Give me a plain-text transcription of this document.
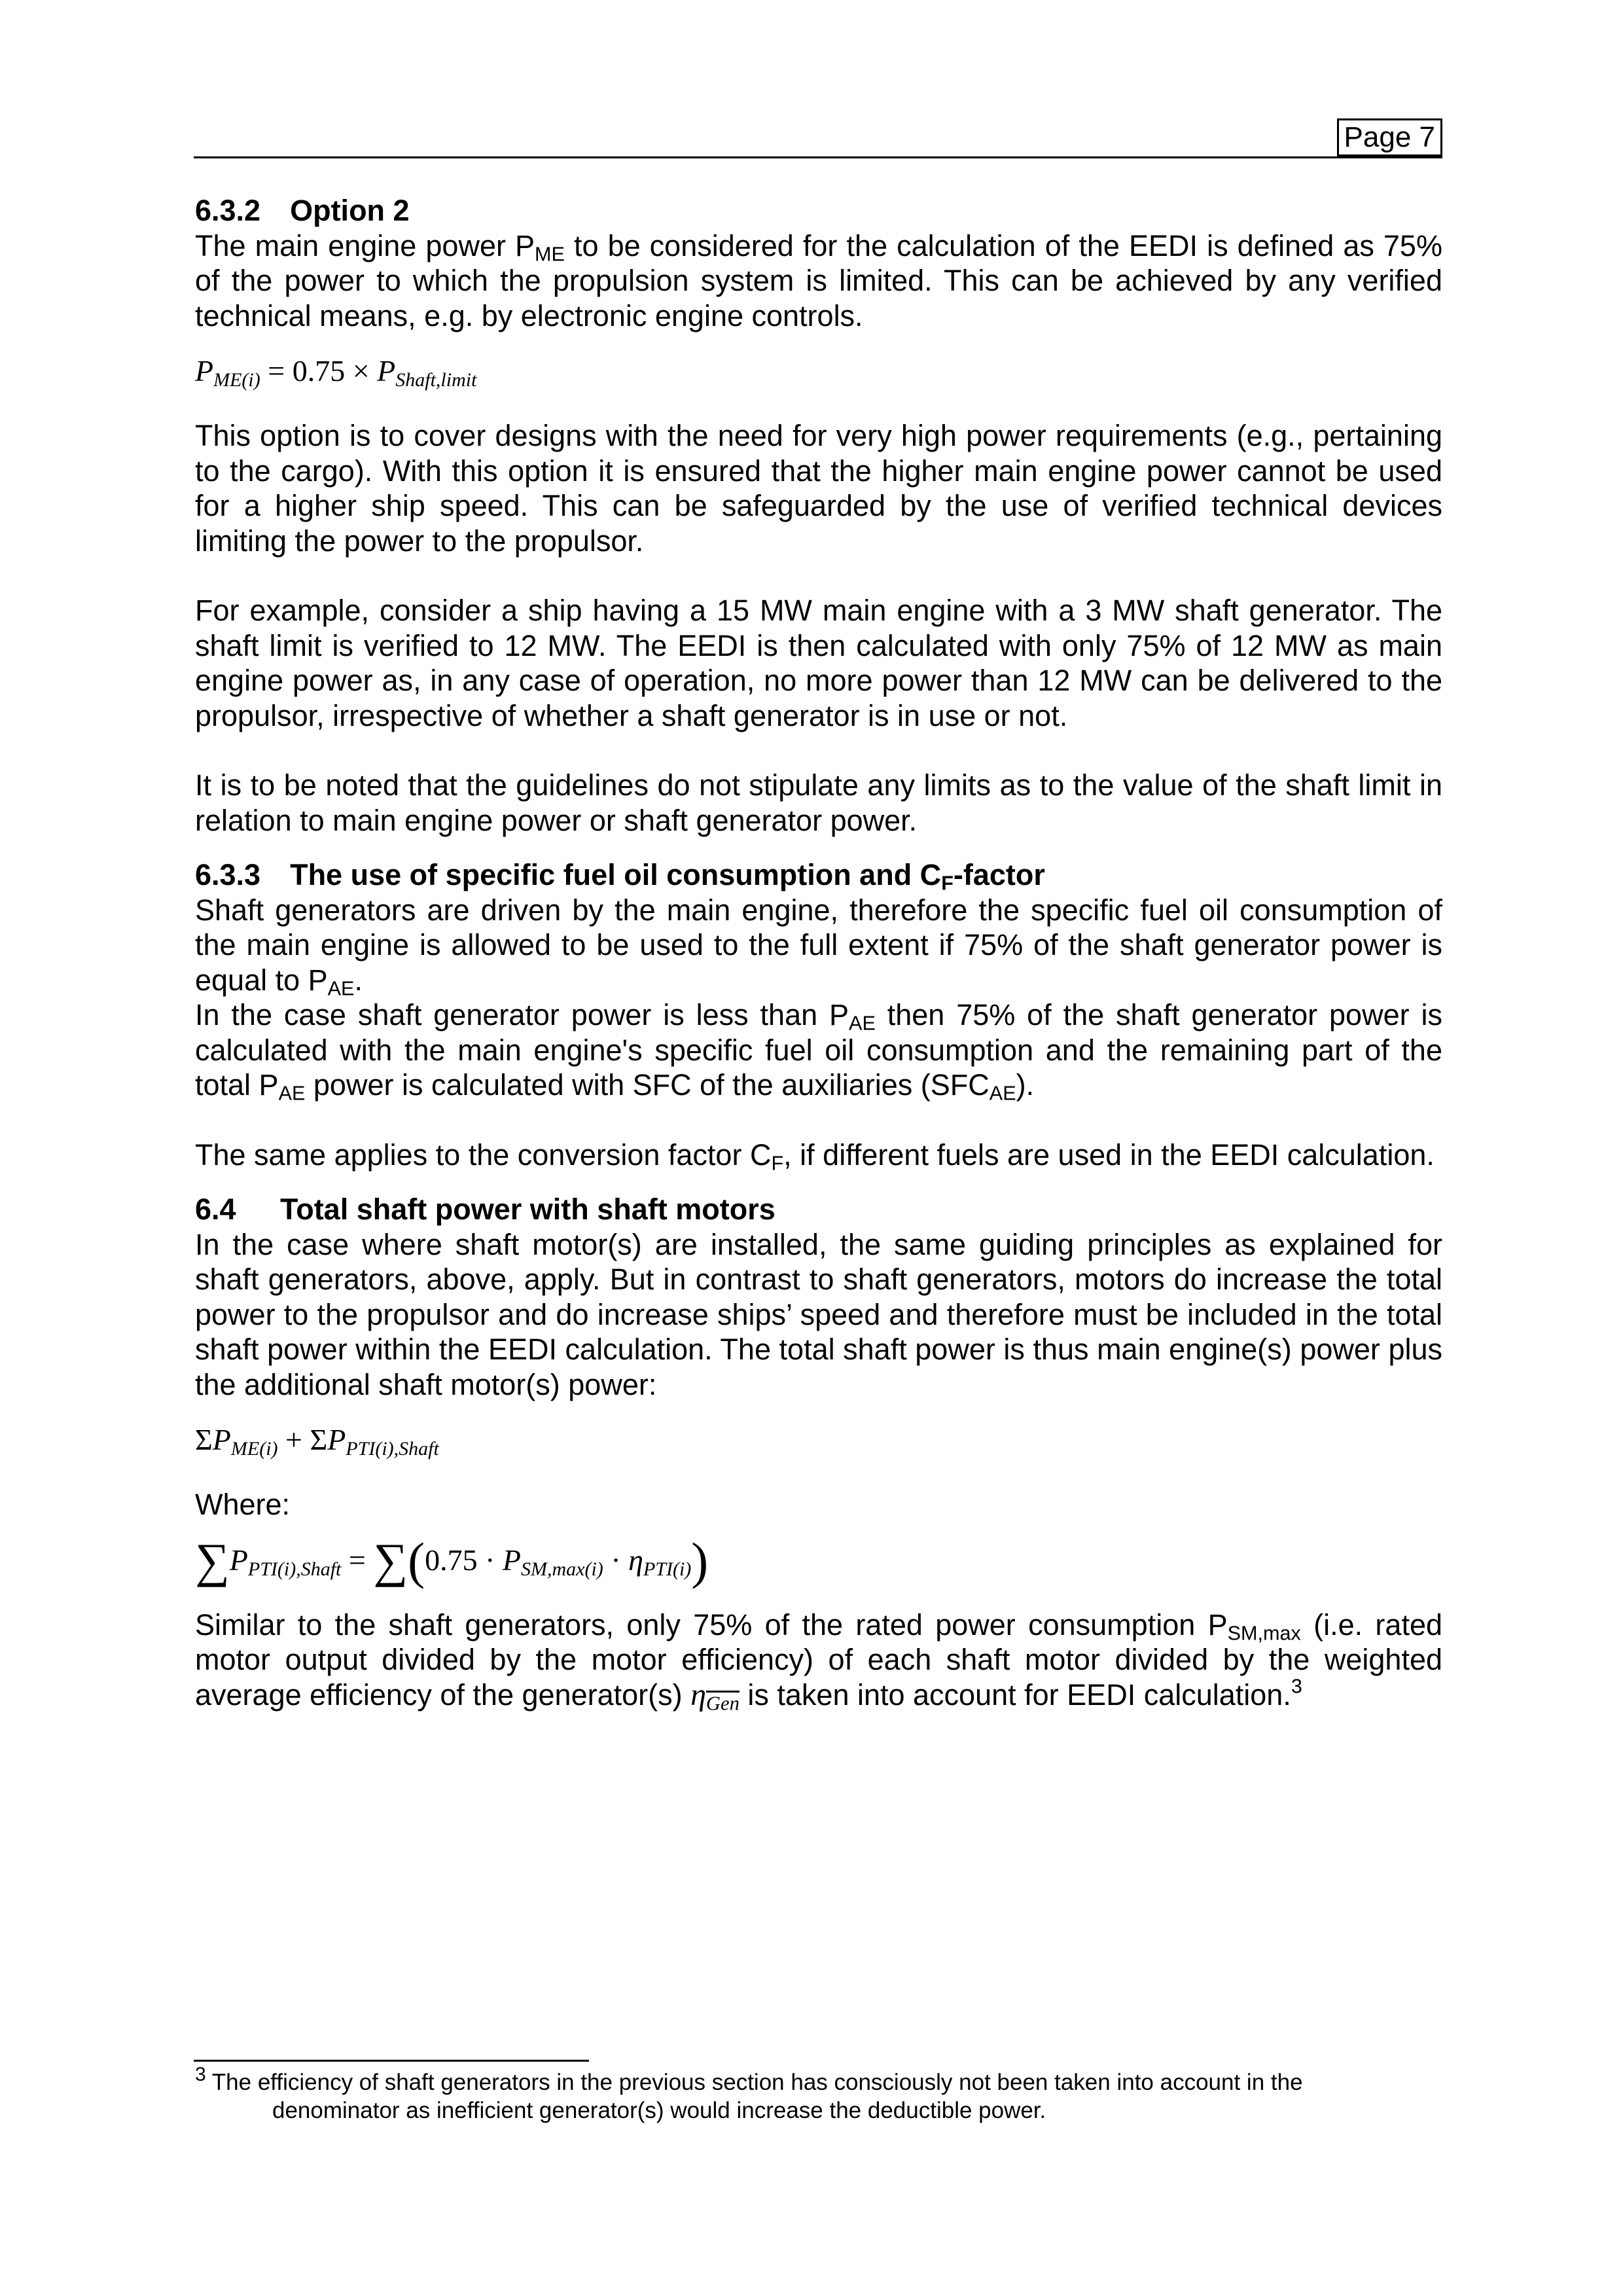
Page 7
6.3.2 Option 2

The main engine power $P_{ME}$ to be considered for the calculation of the EEDI is defined as 75% of the power to which the propulsion system is limited. This can be achieved by any verified technical means, e.g. by electronic engine controls.

PME(i) = 0.75 × PShaft,limit

This option is to cover designs with the need for very high power requirements (e.g., pertaining to the cargo). With this option it is ensured that the higher main engine power cannot be used for a higher ship speed. This can be safeguarded by the use of verified technical devices limiting the power to the propulsor.

For example, consider a ship having a 15 MW main engine with a 3 MW shaft generator. The shaft limit is verified to 12 MW. The EEDI is then calculated with only 75% of 12 MW as main engine power as, in any case of operation, no more power than 12 MW can be delivered to the propulsor, irrespective of whether a shaft generator is in use or not.

It is to be noted that the guidelines do not stipulate any limits as to the value of the shaft limit in relation to main engine power or shaft generator power.

6.3.3 The use of specific fuel oil consumption and $C_F$-factor

Shaft generators are driven by the main engine, therefore the specific fuel oil consumption of the main engine is allowed to be used to the full extent if 75% of the shaft generator power is equal to $P_{AE}$.

In the case shaft generator power is less than $P_{AE}$ then 75% of the shaft generator power is calculated with the main engine's specific fuel oil consumption and the remaining part of the total $P_{AE}$ power is calculated with SFC of the auxiliaries $(SFC_{AE})$.

The same applies to the conversion factor $C_F$, if different fuels are used in the EEDI calculation.

6.4  Total shaft power with shaft motors

In the case where shaft motor(s) are installed, the same guiding principles as explained for shaft generators, above, apply. But in contrast to shaft generators, motors do increase the total power to the propulsor and do increase ships’ speed and therefore must be included in the total shaft power within the EEDI calculation. The total shaft power is thus main engine(s) power plus the additional shaft motor(s) power:

ΣPME(i) + ΣPPTI(i),Shaft

Where:

∑PPTI(i),Shaft = ∑(0.75 · PSM,max(i) · ηPTI(i))

Similar to the shaft generators, only 75% of the rated power consumption $P_{SM,max}$ (i.e. rated motor output divided by the motor efficiency) of each shaft motor divided by the weighted average efficiency of the generator(s) $\eta_{\overline{Gen}}$ is taken into account for EEDI calculation.$^3$

3 The efficiency of shaft generators in the previous section has consciously not been taken into account in the
denominator as inefficient generator(s) would increase the deductible power.
